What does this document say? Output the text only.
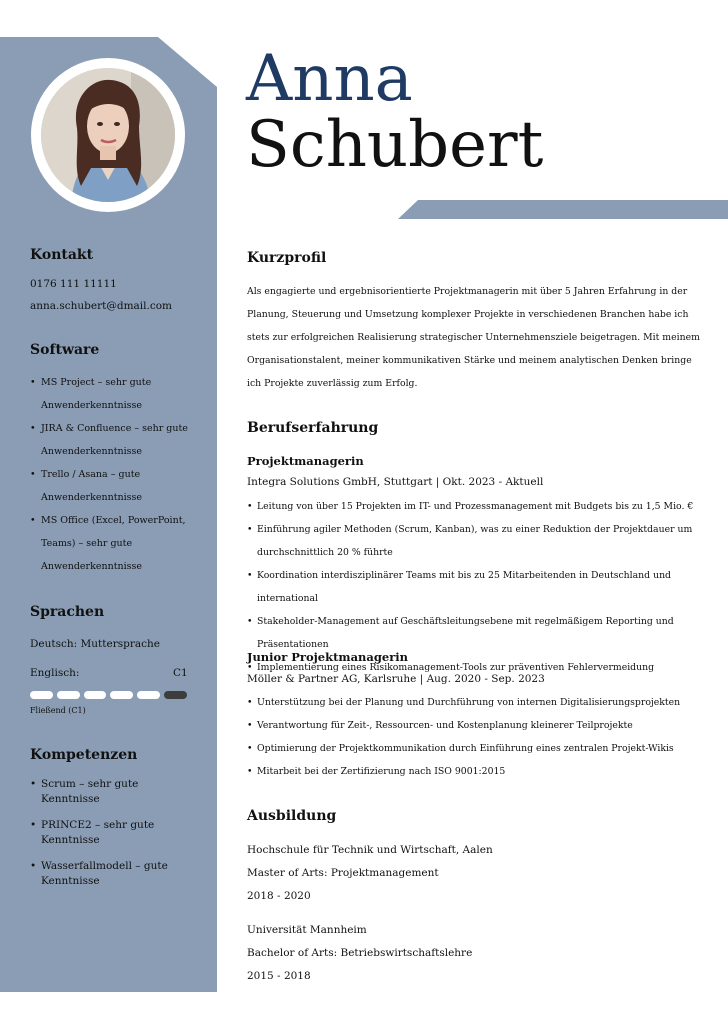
Kontakt

0176 111 11111

anna.schubert@dmail.com

Software
• MS Project – sehr gute Anwenderkenntnisse
• JIRA & Confluence – sehr gute Anwenderkenntnisse
• Trello / Asana – gute Anwenderkenntnisse
• MS Office (Excel, PowerPoint, Teams) – sehr gute Anwenderkenntnisse
Sprachen

Deutsch: Muttersprache

Englisch:	C1

Fließend (C1)

Kompetenzen
• Scrum – sehr gute Kenntnisse
• PRINCE2 – sehr gute Kenntnisse
• Wasserfallmodell – gute Kenntnisse
Anna
Schubert
Kurzprofil

Als engagierte und ergebnisorientierte Projektmanagerin mit über 5 Jahren Erfahrung in der Planung, Steuerung und Umsetzung komplexer Projekte in verschiedenen Branchen habe ich stets zur erfolgreichen Realisierung strategischer Unternehmensziele beigetragen. Mit meinem Organisationstalent, meiner kommunikativen Stärke und meinem analytischen Denken bringe ich Projekte zuverlässig zum Erfolg.

Berufserfahrung

Projektmanagerin

Integra Solutions GmbH, Stuttgart | Okt. 2023 - Aktuell

• Leitung von über 15 Projekten im IT- und Prozessmanagement mit Budgets bis zu 1,5 Mio. €
• Einführung agiler Methoden (Scrum, Kanban), was zu einer Reduktion der Projektdauer um durchschnittlich 20 % führte
• Koordination interdisziplinärer Teams mit bis zu 25 Mitarbeitenden in Deutschland und international
• Stakeholder-Management auf Geschäftsleitungsebene mit regelmäßigem Reporting und Präsentationen
• Implementierung eines Risikomanagement-Tools zur präventiven Fehlervermeidung

Junior Projektmanagerin

Möller & Partner AG, Karlsruhe | Aug. 2020 - Sep. 2023

• Unterstützung bei der Planung und Durchführung von internen Digitalisierungsprojekten
• Verantwortung für Zeit-, Ressourcen- und Kostenplanung kleinerer Teilprojekte
• Optimierung der Projektkommunikation durch Einführung eines zentralen Projekt-Wikis
• Mitarbeit bei der Zertifizierung nach ISO 9001:2015
Ausbildung

Hochschule für Technik und Wirtschaft, Aalen

Master of Arts: Projektmanagement

2018 - 2020

Universität Mannheim

Bachelor of Arts: Betriebswirtschaftslehre

2015 - 2018
